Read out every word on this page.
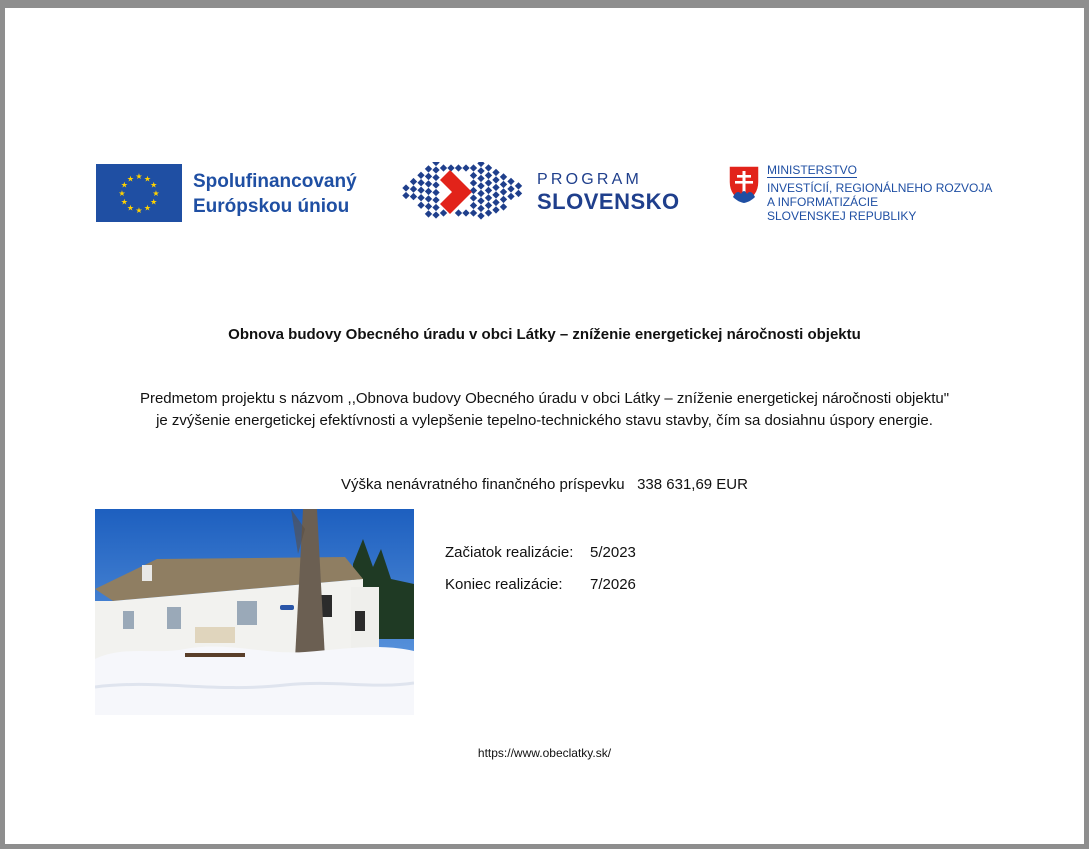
★ ★
★
★
★
★
★
★
★
★
★
★	Spolufinancovaný
Európskou úniou
PROGRAM
SLOVENSKO
MINISTERSTVO
INVESTÍCIÍ, REGIONÁLNEHO ROZVOJA
A INFORMATIZÁCIE
SLOVENSKEJ REPUBLIKY
Obnova budovy Obecného úradu v obci Látky – zníženie energetickej náročnosti objektu
Predmetom projektu s názvom ,,Obnova budovy Obecného úradu v obci Látky – zníženie energetickej náročnosti objektu"
je zvýšenie energetickej efektívnosti a vylepšenie tepelno-technického stavu stavby, čím sa dosiahnu úspory energie.
Výška nenávratného finančného príspevku 338 631,69 EUR
Začiatok realizácie: 5/2023
Koniec realizácie: 7/2026
https://www.obeclatky.sk/
